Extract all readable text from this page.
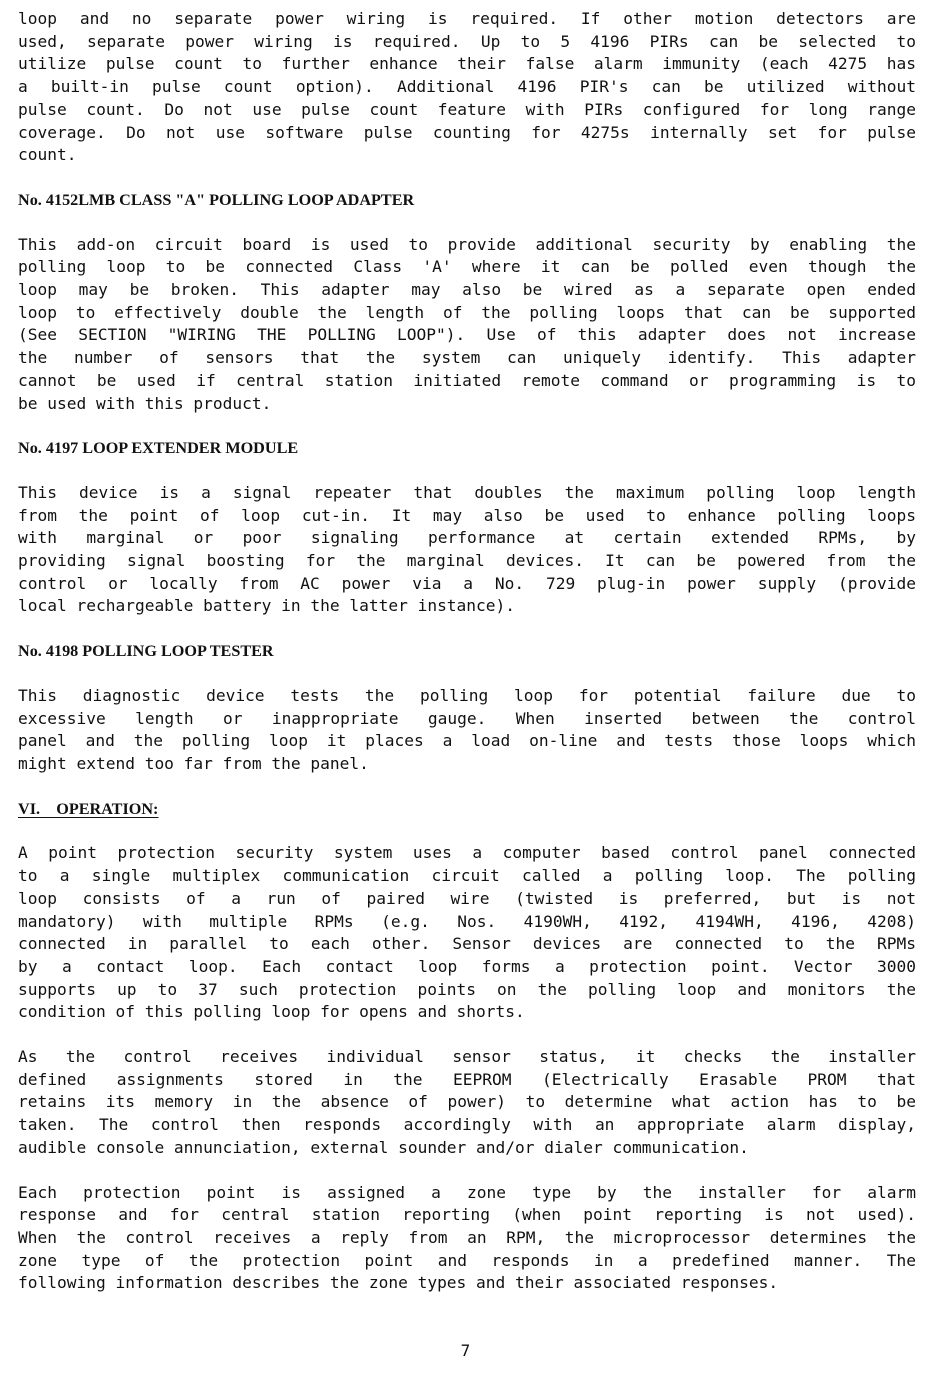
loop and no separate power wiring is required. If other motion detectors are
used, separate power wiring is required. Up to 5 4196 PIRs can be selected to
utilize pulse count to further enhance their false alarm immunity (each 4275 has
a built-in pulse count option). Additional 4196 PIR's can be utilized without
pulse count. Do not use pulse count feature with PIRs configured for long range
coverage. Do not use software pulse counting for 4275s internally set for pulse
count.
No. 4152LMB CLASS "A" POLLING LOOP ADAPTER
This add-on circuit board is used to provide additional security by enabling the
polling loop to be connected Class 'A' where it can be polled even though the
loop may be broken. This adapter may also be wired as a separate open ended
loop to effectively double the length of the polling loops that can be supported
(See SECTION "WIRING THE POLLING LOOP"). Use of this adapter does not increase
the number of sensors that the system can uniquely identify. This adapter
cannot be used if central station initiated remote command or programming is to
be used with this product.
No. 4197 LOOP EXTENDER MODULE
This device is a signal repeater that doubles the maximum polling loop length
from the point of loop cut-in. It may also be used to enhance polling loops
with marginal or poor signaling performance at certain extended RPMs, by
providing signal boosting for the marginal devices. It can be powered from the
control or locally from AC power via a No. 729 plug-in power supply (provide
local rechargeable battery in the latter instance).
No. 4198 POLLING LOOP TESTER
This diagnostic device tests the polling loop for potential failure due to
excessive length or inappropriate gauge. When inserted between the control
panel and the polling loop it places a load on-line and tests those loops which
might extend too far from the panel.
VI.    OPERATION:
A point protection security system uses a computer based control panel connected
to a single multiplex communication circuit called a polling loop. The polling
loop consists of a run of paired wire (twisted is preferred, but is not
mandatory) with multiple RPMs (e.g. Nos. 4190WH, 4192, 4194WH, 4196, 4208)
connected in parallel to each other. Sensor devices are connected to the RPMs
by a contact loop. Each contact loop forms a protection point. Vector 3000
supports up to 37 such protection points on the polling loop and monitors the
condition of this polling loop for opens and shorts.
As the control receives individual sensor status, it checks the installer
defined assignments stored in the EEPROM (Electrically Erasable PROM that
retains its memory in the absence of power) to determine what action has to be
taken. The control then responds accordingly with an appropriate alarm display,
audible console annunciation, external sounder and/or dialer communication.
Each protection point is assigned a zone type by the installer for alarm
response and for central station reporting (when point reporting is not used).
When the control receives a reply from an RPM, the microprocessor determines the
zone type of the protection point and responds in a predefined manner. The
following information describes the zone types and their associated responses.
7
